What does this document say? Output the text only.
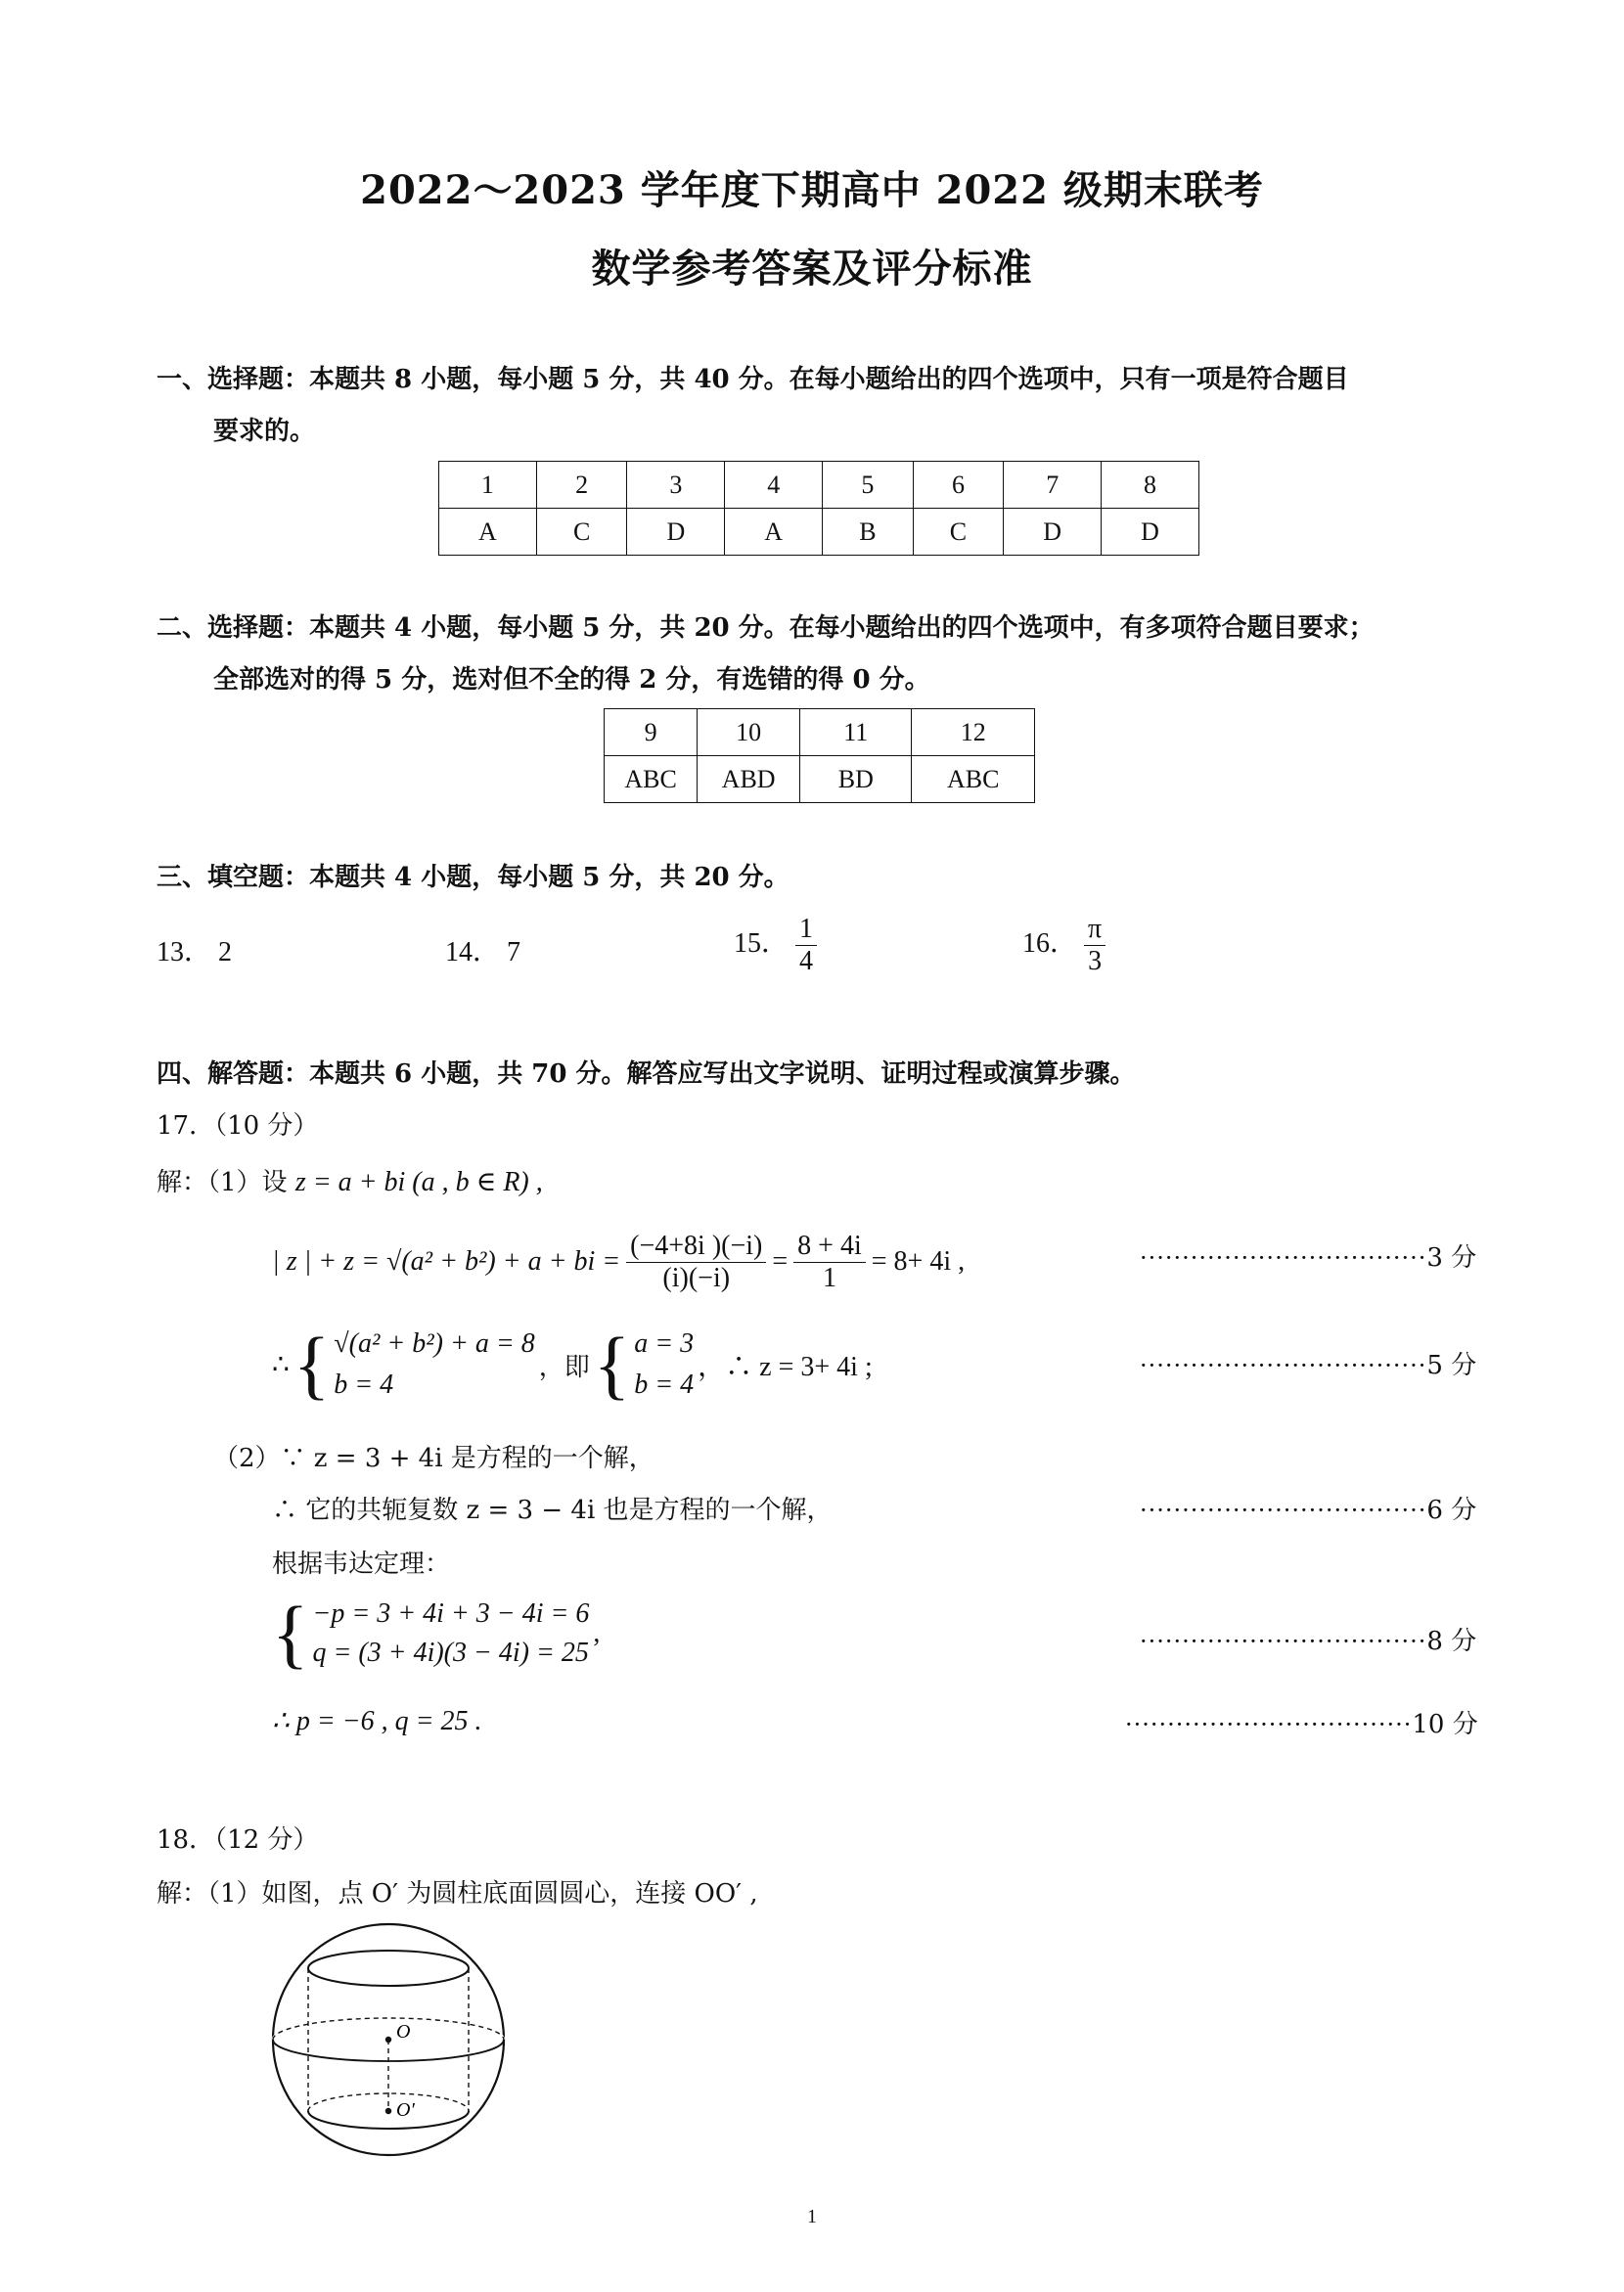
2022～2023 学年度下期高中 2022 级期末联考
数学参考答案及评分标准
一、选择题：本题共 8 小题，每小题 5 分，共 40 分。在每小题给出的四个选项中，只有一项是符合题目
要求的。
1	2	3	4	5	6	7	8
A	C	D	A	B	C	D	D
二、选择题：本题共 4 小题，每小题 5 分，共 20 分。在每小题给出的四个选项中，有多项符合题目要求；
全部选对的得 5 分，选对但不全的得 2 分，有选错的得 0 分。
9	10	11	12
ABC	ABD	BD	ABC
三、填空题：本题共 4 小题，每小题 5 分，共 20 分。
13． 2	14． 7	15． $\frac{1}{4}$	16． $\frac{\pi}{3}$
四、解答题：本题共 6 小题，共 70 分。解答应写出文字说明、证明过程或演算步骤。
17．（10 分）
解：（1）设 z = a + bi (a , b ∈ R) ,
| z | + z = √(a² + b²) + a + bi = $\frac{(-4+8i )(-i)}{(i)(-i)} = \frac{8 + 4i}{1} = 8+ 4i$ ,	··································3 分
∴ { √(a² + b²) + a = 8
b = 4
，即 { a = 3
b = 4
，∴ z = 3+ 4i ;	··································5 分
（2）∵ z = 3 + 4i 是方程的一个解，
∴ 它的共轭复数 z = 3 − 4i 也是方程的一个解，	··································6 分
根据韦达定理：
{ −p = 3 + 4i + 3 − 4i = 6
q = (3 + 4i)(3 − 4i) = 25
,	··································8 分
∴ p = −6 , q = 25 .	··································10 分
18．（12 分）
解：（1）如图，点 O′ 为圆柱底面圆圆心，连接 OO′ ,
O
O′
1
